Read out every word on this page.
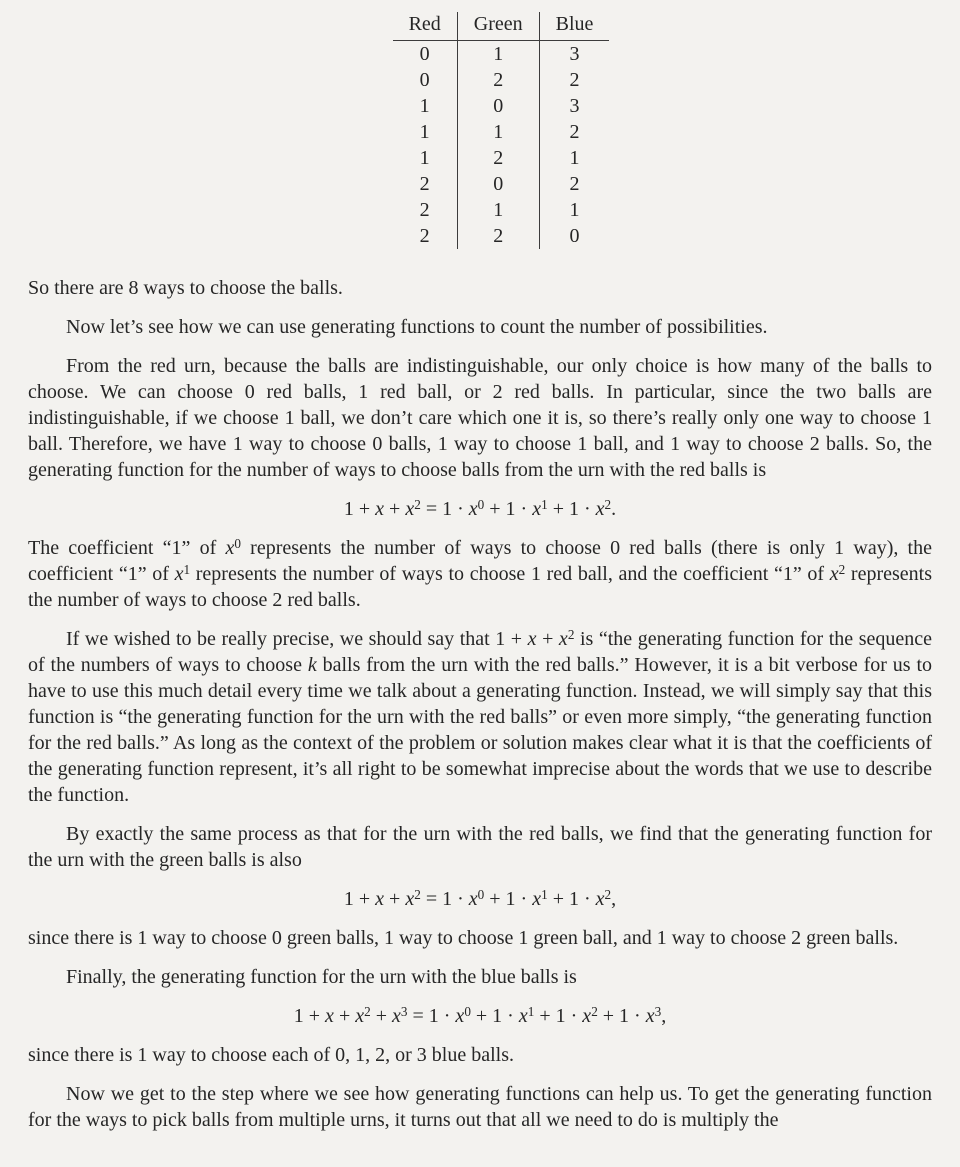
Red	Green	Blue
0	1	3
0	2	2
1	0	3
1	1	2
1	2	1
2	0	2
2	1	1
2	2	0

So there are 8 ways to choose the balls.

Now let’s see how we can use generating functions to count the number of possibilities.

From the red urn, because the balls are indistinguishable, our only choice is how many of the balls to choose. We can choose 0 red balls, 1 red ball, or 2 red balls. In particular, since the two balls are indistinguishable, if we choose 1 ball, we don’t care which one it is, so there’s really only one way to choose 1 ball. Therefore, we have 1 way to choose 0 balls, 1 way to choose 1 ball, and 1 way to choose 2 balls. So, the generating function for the number of ways to choose balls from the urn with the red balls is

$1 + x + x^2 = 1 \cdot x^0 + 1 \cdot x^1 + 1 \cdot x^2$.

The coefficient “1” of $x^0$ represents the number of ways to choose 0 red balls (there is only 1 way), the coefficient “1” of $x^1$ represents the number of ways to choose 1 red ball, and the coefficient “1” of $x^2$ represents the number of ways to choose 2 red balls.

If we wished to be really precise, we should say that $1 + x + x^2$ is “the generating function for the sequence of the numbers of ways to choose k balls from the urn with the red balls.” However, it is a bit verbose for us to have to use this much detail every time we talk about a generating function. Instead, we will simply say that this function is “the generating function for the urn with the red balls” or even more simply, “the generating function for the red balls.” As long as the context of the problem or solution makes clear what it is that the coefficients of the generating function represent, it’s all right to be somewhat imprecise about the words that we use to describe the function.

By exactly the same process as that for the urn with the red balls, we find that the generating function for the urn with the green balls is also

$1 + x + x^2 = 1 \cdot x^0 + 1 \cdot x^1 + 1 \cdot x^2$,

since there is 1 way to choose 0 green balls, 1 way to choose 1 green ball, and 1 way to choose 2 green balls.

Finally, the generating function for the urn with the blue balls is

$1 + x + x^2 + x^3 = 1 \cdot x^0 + 1 \cdot x^1 + 1 \cdot x^2 + 1 \cdot x^3$,

since there is 1 way to choose each of 0, 1, 2, or 3 blue balls.

Now we get to the step where we see how generating functions can help us. To get the generating function for the ways to pick balls from multiple urns, it turns out that all we need to do is multiply the
